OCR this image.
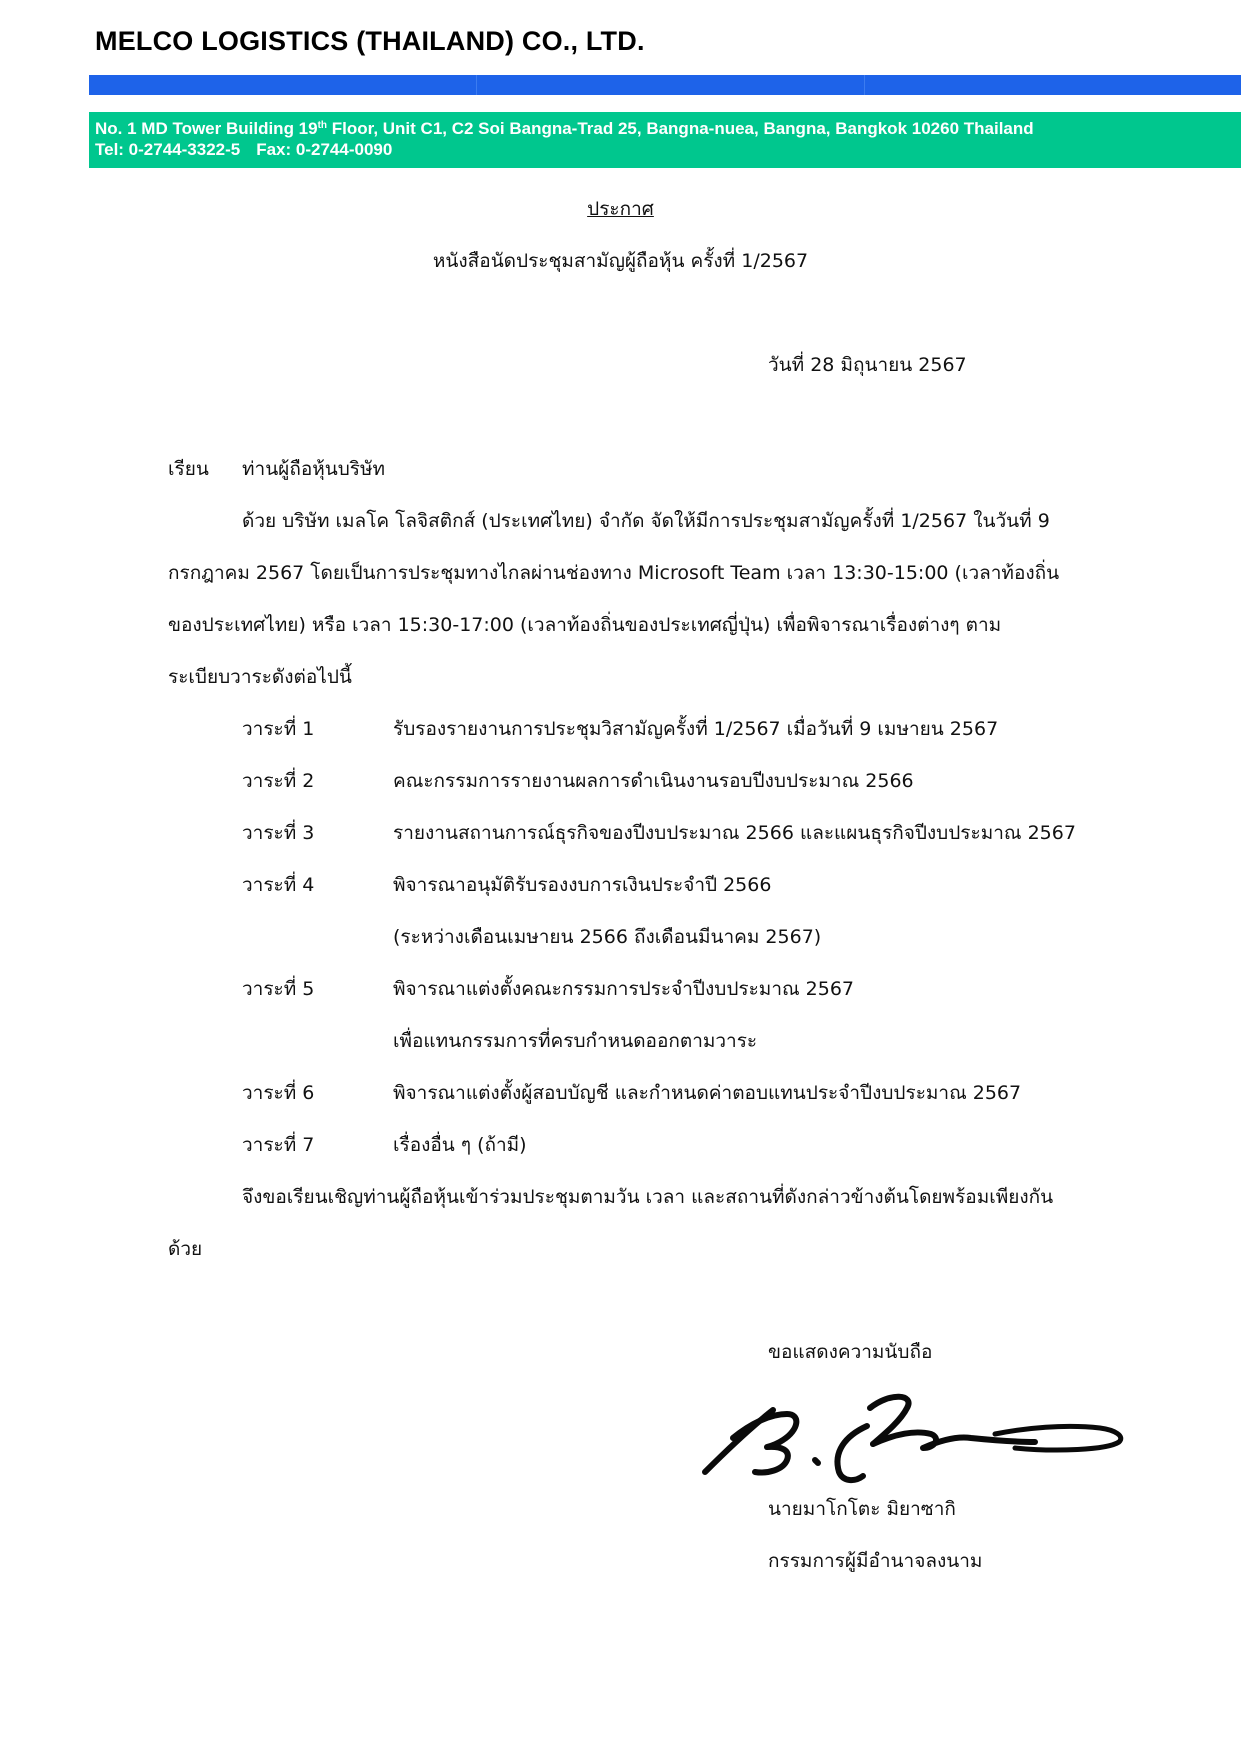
MELCO LOGISTICS (THAILAND) CO., LTD.
No. 1 MD Tower Building 19th Floor, Unit C1, C2 Soi Bangna-Trad 25, Bangna-nuea, Bangna, Bangkok 10260 Thailand
Tel: 0-2744-3322-5 Fax: 0-2744-0090
ประกาศ
หนังสือนัดประชุมสามัญผู้ถือหุ้น ครั้งที่ 1/2567
วันที่ 28 มิถุนายน 2567
เรียน ท่านผู้ถือหุ้นบริษัท
ด้วย บริษัท เมลโค โลจิสติกส์ (ประเทศไทย) จำกัด จัดให้มีการประชุมสามัญครั้งที่ 1/2567 ในวันที่ 9
กรกฎาคม 2567 โดยเป็นการประชุมทางไกลผ่านช่องทาง Microsoft Team เวลา 13:30-15:00 (เวลาท้องถิ่น
ของประเทศไทย) หรือ เวลา 15:30-17:00 (เวลาท้องถิ่นของประเทศญี่ปุ่น) เพื่อพิจารณาเรื่องต่างๆ ตาม
ระเบียบวาระดังต่อไปนี้
วาระที่ 1	รับรองรายงานการประชุมวิสามัญครั้งที่ 1/2567 เมื่อวันที่ 9 เมษายน 2567
วาระที่ 2	คณะกรรมการรายงานผลการดำเนินงานรอบปีงบประมาณ 2566
วาระที่ 3	รายงานสถานการณ์ธุรกิจของปีงบประมาณ 2566 และแผนธุรกิจปีงบประมาณ 2567
วาระที่ 4	พิจารณาอนุมัติรับรองงบการเงินประจำปี 2566
(ระหว่างเดือนเมษายน 2566 ถึงเดือนมีนาคม 2567)
วาระที่ 5	พิจารณาแต่งตั้งคณะกรรมการประจำปีงบประมาณ 2567
เพื่อแทนกรรมการที่ครบกำหนดออกตามวาระ
วาระที่ 6	พิจารณาแต่งตั้งผู้สอบบัญชี และกำหนดค่าตอบแทนประจำปีงบประมาณ 2567
วาระที่ 7	เรื่องอื่น ๆ (ถ้ามี)
จึงขอเรียนเชิญท่านผู้ถือหุ้นเข้าร่วมประชุมตามวัน เวลา และสถานที่ดังกล่าวข้างต้นโดยพร้อมเพียงกัน
ด้วย
ขอแสดงความนับถือ
นายมาโกโตะ มิยาซากิ
กรรมการผู้มีอำนาจลงนาม
